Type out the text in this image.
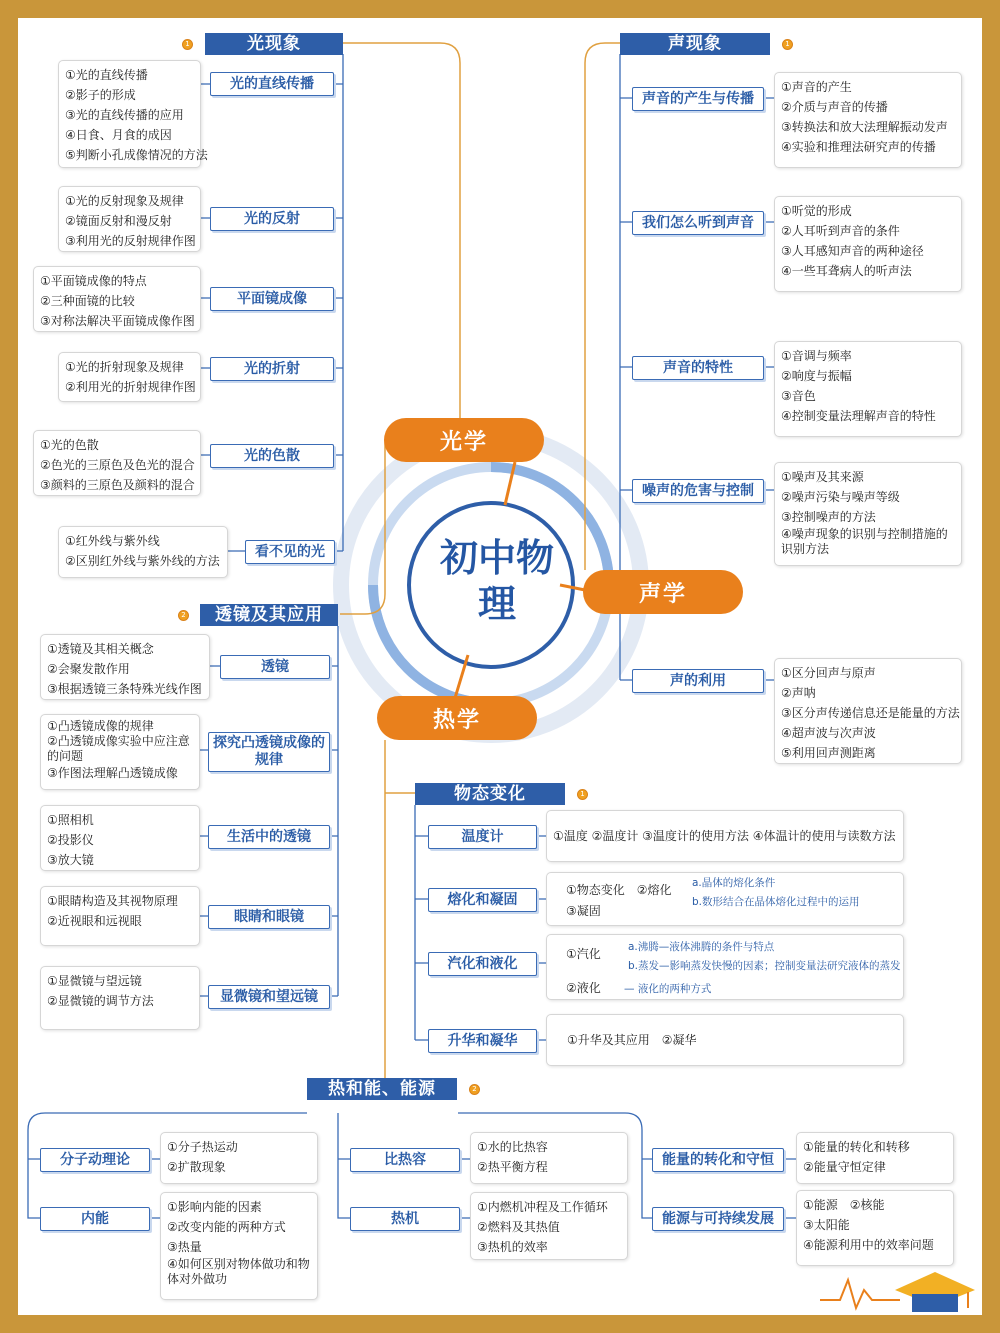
初中物理
光学
声学
热学
光现象
1
光的直线传播
①光的直线传播
②影子的形成
③光的直线传播的应用
④日食、月食的成因
⑤判断小孔成像情况的方法
光的反射
①光的反射现象及规律
②镜面反射和漫反射
③利用光的反射规律作图
平面镜成像
①平面镜成像的特点
②三种面镜的比较
③对称法解决平面镜成像作图
光的折射
①光的折射现象及规律
②利用光的折射规律作图
光的色散
①光的色散
②色光的三原色及色光的混合
③颜料的三原色及颜料的混合
看不见的光
①红外线与紫外线
②区别红外线与紫外线的方法
透镜及其应用
2
透镜
①透镜及其相关概念
②会聚发散作用
③根据透镜三条特殊光线作图
探究凸透镜成像的规律
①凸透镜成像的规律
②凸透镜成像实验中应注意的问题
③作图法理解凸透镜成像
生活中的透镜
①照相机
②投影仪
③放大镜
眼睛和眼镜
①眼睛构造及其视物原理
②近视眼和远视眼
显微镜和望远镜
①显微镜与望远镜
②显微镜的调节方法
声现象	1
声音的产生与传播
①声音的产生
②介质与声音的传播
③转换法和放大法理解振动发声
④实验和推理法研究声的传播
我们怎么听到声音
①听觉的形成
②人耳听到声音的条件
③人耳感知声音的两种途径
④一些耳聋病人的听声法
声音的特性
①音调与频率
②响度与振幅
③音色
④控制变量法理解声音的特性
噪声的危害与控制
①噪声及其来源
②噪声污染与噪声等级
③控制噪声的方法
④噪声现象的识别与控制措施的识别方法
声的利用	①区分回声与原声
②声呐
③区分声传递信息还是能量的方法
④超声波与次声波
⑤利用回声测距离
物态变化	1
温度计	①温度 ②温度计 ③温度计的使用方法 ④体温计的使用与读数方法
熔化和凝固
①物态变化　②熔化
③凝固
a.晶体的熔化条件
b.数形结合在晶体熔化过程中的运用
汽化和液化
①汽化	a.沸腾—液体沸腾的条件与特点
b.蒸发—影响蒸发快慢的因素；控制变量法研究液体的蒸发
②液化 — 液化的两种方式
升华和凝华	①升华及其应用　②凝华
热和能、能源	2
分子动理论
①分子热运动
②扩散现象
内能
①影响内能的因素
②改变内能的两种方式
③热量
④如何区别对物体做功和物体对外做功
比热容
①水的比热容
②热平衡方程
热机
①内燃机冲程及工作循环
②燃料及其热值
③热机的效率
能量的转化和守恒
①能量的转化和转移
②能量守恒定律
能源与可持续发展
①能源　②核能
③太阳能
④能源利用中的效率问题
